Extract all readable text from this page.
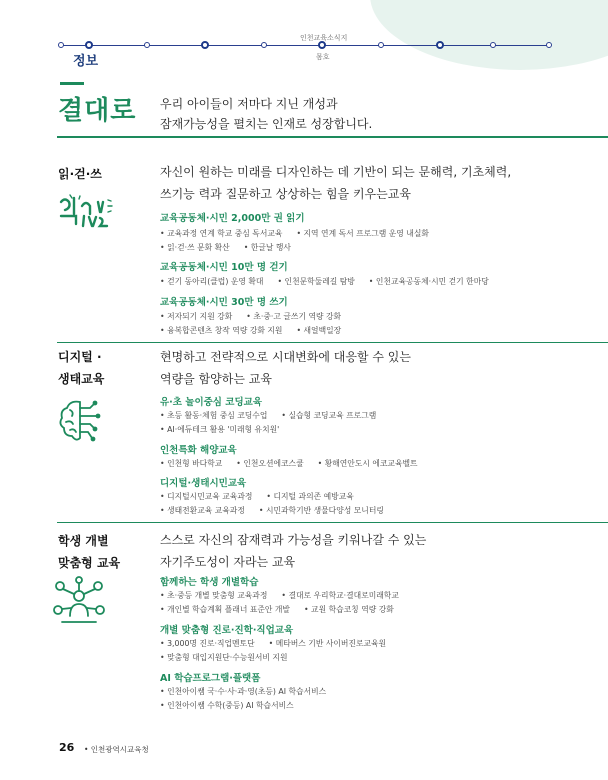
인천교육소식지
몸호
정보
결대로 우리 아이들이 저마다 지닌 개성과
잠재가능성을 펼치는 인재로 성장합니다.
읽·걷·쓰	자신이 원하는 미래를 디자인하는 데 기반이 되는 문해력, 기초체력,
쓰기능 력과 질문하고 상상하는 힘을 키우는교육
교육공동체·시민 2,000만 권 읽기
• 교육과정 연계 학교 중심 독서교육	• 지역 연계 독서 프로그램 운영 내실화
• 읽·걷·쓰 문화 확산	• 한글날 행사
교육공동체·시민 10만 명 걷기
• 걷기 동아리(클럽) 운영 확대	• 인천문학둘레길 탐방	• 인천교육공동체·시민 걷기 한마당
교육공동체·시민 30만 명 쓰기
• 저자되기 지원 강화	• 초·중·고 글쓰기 역량 강화
• 융복합콘텐츠 창작 역량 강화 지원	• 새얼백일장
디지털 ·
생태교육
현명하고 전략적으로 시대변화에 대응할 수 있는
역량을 함양하는 교육
유·초 놀이중심 코딩교육
• 초등 활동·체험 중심 코딩수업	• 실습형 코딩교육 프로그램
• AI·에듀테크 활용 '미래형 유치원'
인천특화 해양교육
• 인천형 바다학교	• 인천오션에코스쿨	• 황해연안도시 에코교육벨트
디지털·생태시민교육
• 디지털시민교육 교육과정	• 디지털 과의존 예방교육
• 생태전환교육 교육과정	• 시민과학기반 생물다양성 모니터링
학생 개별
맞춤형 교육
스스로 자신의 잠재력과 가능성을 키워나갈 수 있는
자기주도성이 자라는 교육
함께하는 학생 개별학습
• 초·중등 개별 맞춤형 교육과정	• 결대로 우리학교·결대로미래학교
• 개인별 학습계획 플래너 표준안 개발	• 교원 학습코칭 역량 강화
개별 맞춤형 진로·진학·직업교육
• 3,000명 진로·직업멘토단	• 메타버스 기반 사이버진로교육원
• 맞춤형 대입지원단·수능원서비 지원
AI 학습프로그램·플랫폼
• 인천아이쌤 국·수·사·과·영(초등) AI 학습서비스
• 인천아이쌤 수학(중등) AI 학습서비스
26 • 인천광역시교육청
